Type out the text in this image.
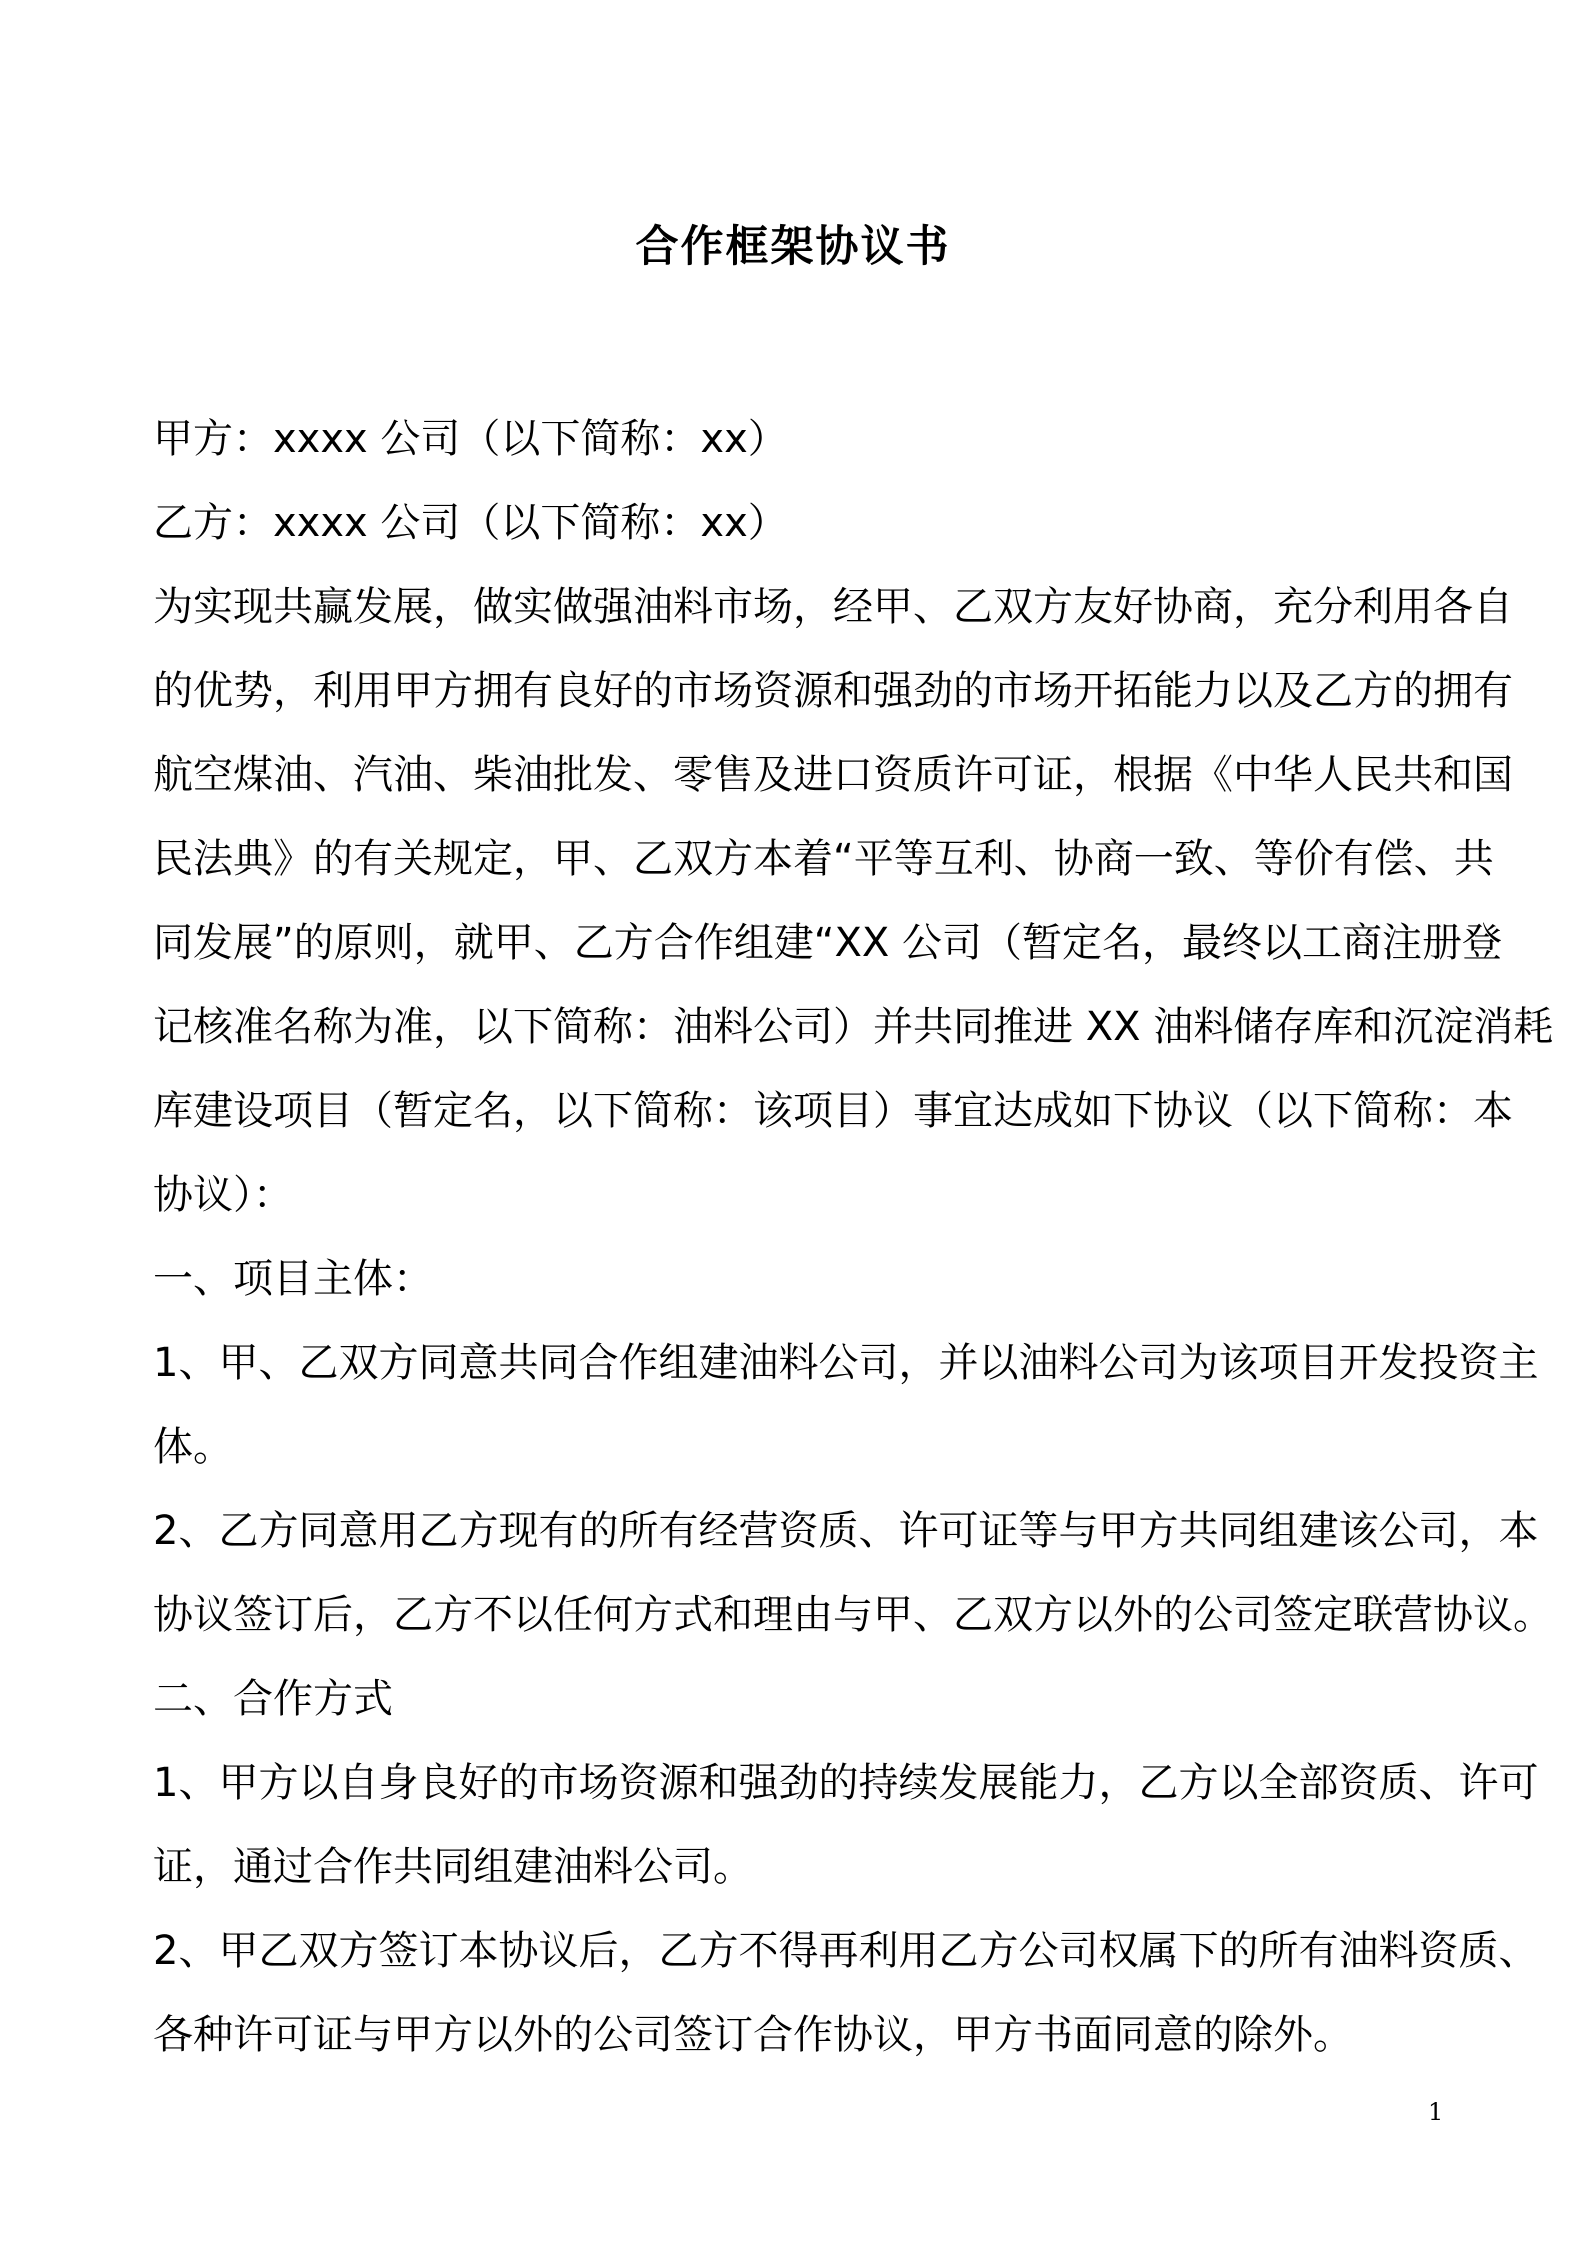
合作框架协议书
甲方：xxxx 公司（以下简称：xx）
乙方：xxxx 公司（以下简称：xx）
为实现共赢发展，做实做强油料市场，经甲、乙双方友好协商，充分利用各自
的优势，利用甲方拥有良好的市场资源和强劲的市场开拓能力以及乙方的拥有
航空煤油、汽油、柴油批发、零售及进口资质许可证，根据《中华人民共和国
民法典》的有关规定，甲、乙双方本着“平等互利、协商一致、等价有偿、共
同发展”的原则，就甲、乙方合作组建“XX 公司（暂定名，最终以工商注册登
记核准名称为准，以下简称：油料公司）并共同推进 XX 油料储存库和沉淀消耗
库建设项目（暂定名，以下简称：该项目）事宜达成如下协议（以下简称：本
协议）：
一、项目主体：
1、甲、乙双方同意共同合作组建油料公司，并以油料公司为该项目开发投资主
体。
2、乙方同意用乙方现有的所有经营资质、许可证等与甲方共同组建该公司，本
协议签订后，乙方不以任何方式和理由与甲、乙双方以外的公司签定联营协议。
二、合作方式
1、甲方以自身良好的市场资源和强劲的持续发展能力，乙方以全部资质、许可
证，通过合作共同组建油料公司。
2、甲乙双方签订本协议后，乙方不得再利用乙方公司权属下的所有油料资质、
各种许可证与甲方以外的公司签订合作协议，甲方书面同意的除外。
1
